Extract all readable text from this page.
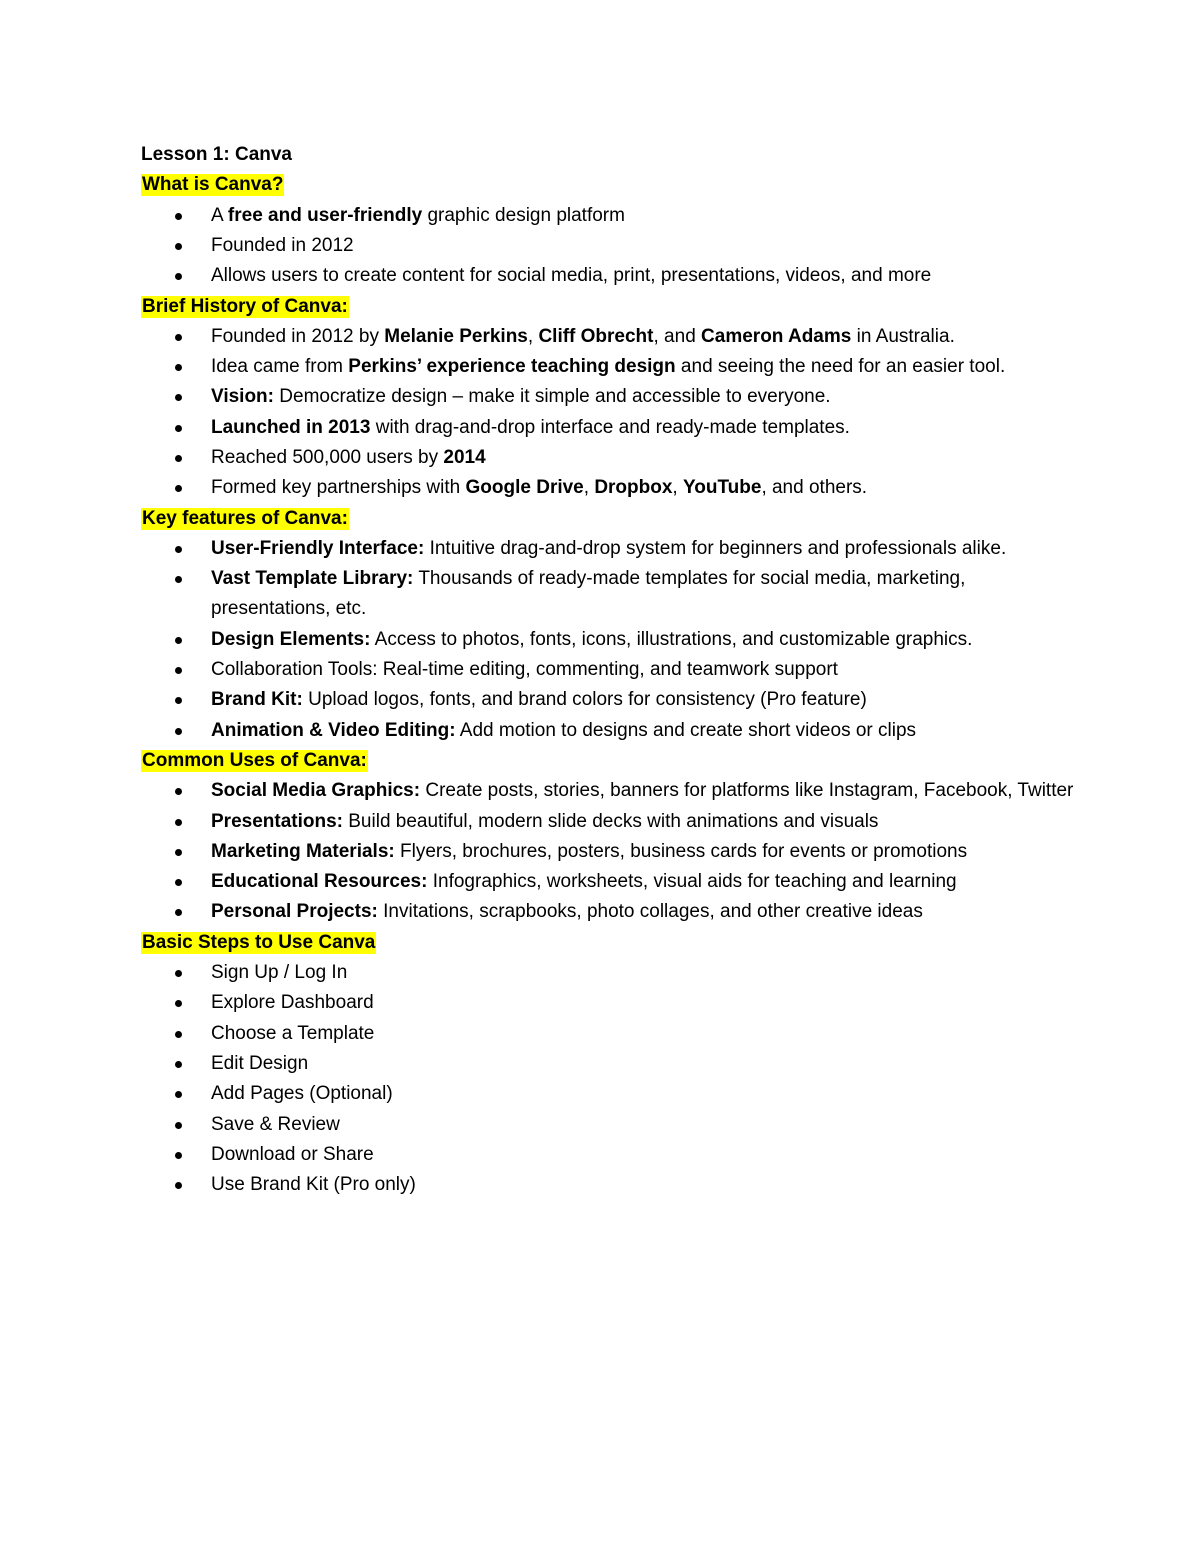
Lesson 1: Canva
What is Canva?
A free and user-friendly graphic design platform
Founded in 2012
Allows users to create content for social media, print, presentations, videos, and more
Brief History of Canva:
Founded in 2012 by Melanie Perkins, Cliff Obrecht, and Cameron Adams in Australia.
Idea came from Perkins’ experience teaching design and seeing the need for an easier tool.
Vision: Democratize design – make it simple and accessible to everyone.
Launched in 2013 with drag-and-drop interface and ready-made templates.
Reached 500,000 users by 2014
Formed key partnerships with Google Drive, Dropbox, YouTube, and others.
Key features of Canva:
User-Friendly Interface: Intuitive drag-and-drop system for beginners and professionals alike.
Vast Template Library: Thousands of ready-made templates for social media, marketing, presentations, etc.
Design Elements: Access to photos, fonts, icons, illustrations, and customizable graphics.
Collaboration Tools: Real-time editing, commenting, and teamwork support
Brand Kit: Upload logos, fonts, and brand colors for consistency (Pro feature)
Animation & Video Editing: Add motion to designs and create short videos or clips
Common Uses of Canva:
Social Media Graphics: Create posts, stories, banners for platforms like Instagram, Facebook, Twitter
Presentations: Build beautiful, modern slide decks with animations and visuals
Marketing Materials: Flyers, brochures, posters, business cards for events or promotions
Educational Resources: Infographics, worksheets, visual aids for teaching and learning
Personal Projects: Invitations, scrapbooks, photo collages, and other creative ideas
Basic Steps to Use Canva
Sign Up / Log In
Explore Dashboard
Choose a Template
Edit Design
Add Pages (Optional)
Save & Review
Download or Share
Use Brand Kit (Pro only)
